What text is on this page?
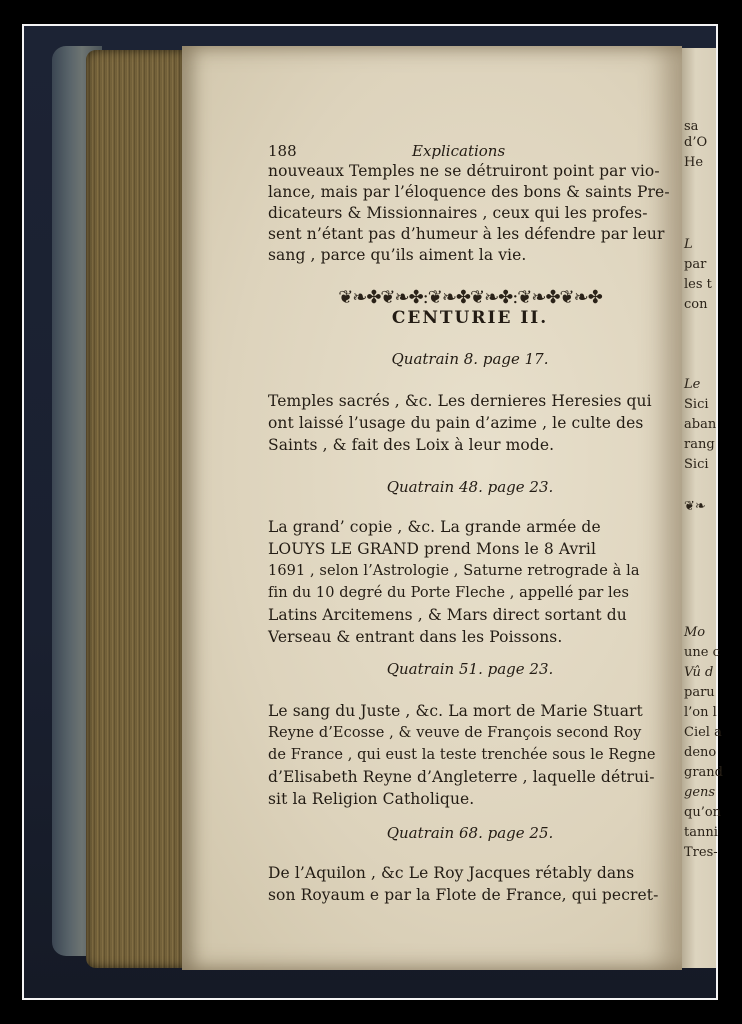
188	Explications
nouveaux Temples ne se détruiront point par vio-
lance, mais par l’éloquence des bons & saints Pre-
dicateurs & Missionnaires , ceux qui les profes-
sent n’étant pas d’humeur à les défendre par leur
sang , parce qu’ils aiment la vie.
❦❧✤❦❧✤:❦❧✤❦❧✤:❦❧✤❦❧✤
CENTURIE II.
Quatrain 8. page 17.
Temples sacrés , &c. Les dernieres Heresies qui
ont laissé l’usage du pain d’azime , le culte des
Saints , & fait des Loix à leur mode.
Quatrain 48. page 23.
La grand’ copie , &c. La grande armée de
LOUYS LE GRAND prend Mons le 8 Avril
1691 , selon l’Astrologie , Saturne retrograde à la
fin du 10 degré du Porte Fleche , appellé par les
Latins Arcitemens , & Mars direct sortant du
Verseau & entrant dans les Poissons.
Quatrain 51. page 23.
Le sang du Juste , &c. La mort de Marie Stuart
Reyne d’Ecosse , & veuve de François second Roy
de France , qui eust la teste trenchée sous le Regne
d’Elisabeth Reyne d’Angleterre , laquelle détrui-
sit la Religion Catholique.
Quatrain 68. page 25.
De l’Aquilon , &c Le Roy Jacques rétably dans
son Royaum e par la Flote de France, qui pecret-
sa
d’O
He
L
par
les t
con
Le
Sici
aban
rang
Sici
❦❧
Mo
une c
Vû d
paru
l’on l
Ciel a
deno
grand
gens
qu’on
tanni
Tres-
